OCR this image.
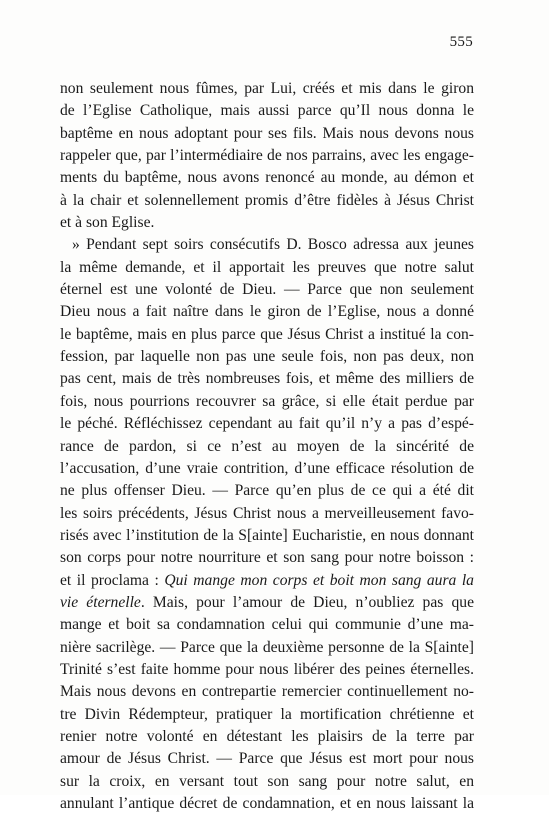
555
non seulement nous fûmes, par Lui, créés et mis dans le giron
de l’Eglise Catholique, mais aussi parce qu’Il nous donna le
baptême en nous adoptant pour ses fils. Mais nous devons nous
rappeler que, par l’intermédiaire de nos parrains, avec les engage-
ments du baptême, nous avons renoncé au monde, au démon et
à la chair et solennellement promis d’être fidèles à Jésus Christ
et à son Eglise.
» Pendant sept soirs consécutifs D. Bosco adressa aux jeunes
la même demande, et il apportait les preuves que notre salut
éternel est une volonté de Dieu. — Parce que non seulement
Dieu nous a fait naître dans le giron de l’Eglise, nous a donné
le baptême, mais en plus parce que Jésus Christ a institué la con-
fession, par laquelle non pas une seule fois, non pas deux, non
pas cent, mais de très nombreuses fois, et même des milliers de
fois, nous pourrions recouvrer sa grâce, si elle était perdue par
le péché. Réfléchissez cependant au fait qu’il n’y a pas d’espé-
rance de pardon, si ce n’est au moyen de la sincérité de
l’accusation, d’une vraie contrition, d’une efficace résolution de
ne plus offenser Dieu. — Parce qu’en plus de ce qui a été dit
les soirs précédents, Jésus Christ nous a merveilleusement favo-
risés avec l’institution de la S[ainte] Eucharistie, en nous donnant
son corps pour notre nourriture et son sang pour notre boisson :
et il proclama : Qui mange mon corps et boit mon sang aura la
vie éternelle. Mais, pour l’amour de Dieu, n’oubliez pas que
mange et boit sa condamnation celui qui communie d’une ma-
nière sacrilège. — Parce que la deuxième personne de la S[ainte]
Trinité s’est faite homme pour nous libérer des peines éternelles.
Mais nous devons en contrepartie remercier continuellement no-
tre Divin Rédempteur, pratiquer la mortification chrétienne et
renier notre volonté en détestant les plaisirs de la terre par
amour de Jésus Christ. — Parce que Jésus est mort pour nous
sur la croix, en versant tout son sang pour notre salut, en
annulant l’antique décret de condamnation, et en nous laissant la
